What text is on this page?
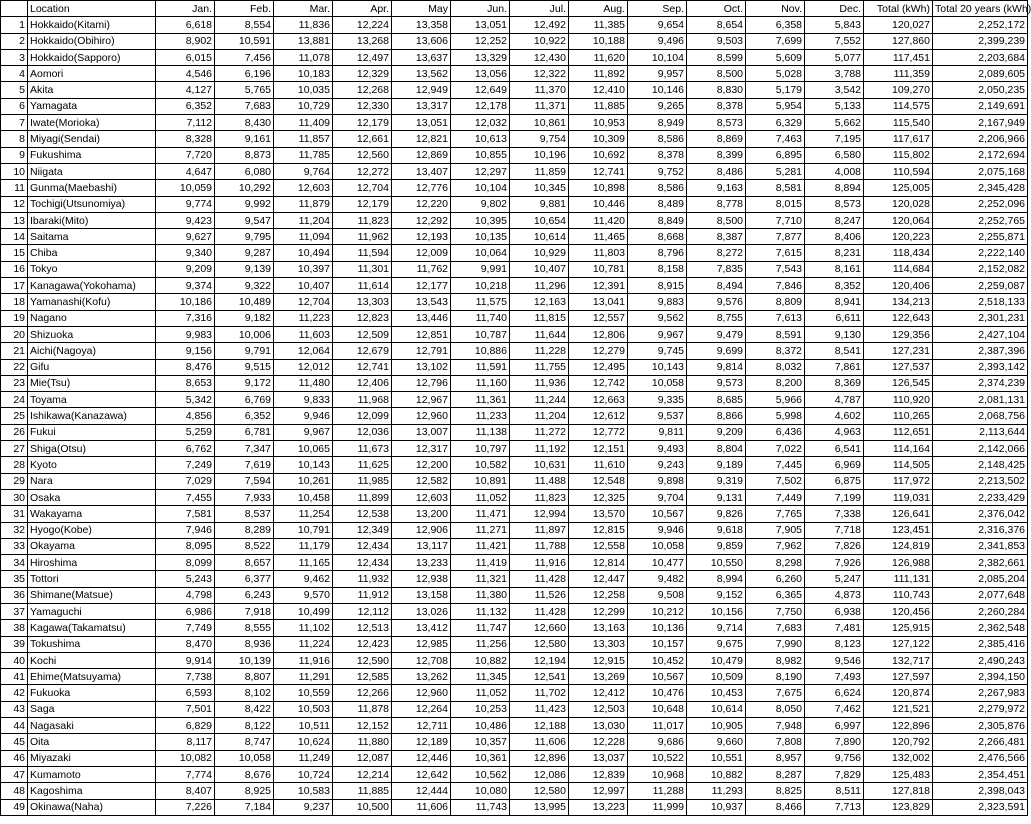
	Location	Jan.	Feb.	Mar.	Apr.	May	Jun.	Jul.	Aug.	Sep.	Oct.	Nov.	Dec.	Total (kWh)	Total 20 years (kWh)
1	Hokkaido(Kitami)	6,618	8,554	11,836	12,224	13,358	13,051	12,492	11,385	9,654	8,654	6,358	5,843	120,027	2,252,172
2	Hokkaido(Obihiro)	8,902	10,591	13,881	13,268	13,606	12,252	10,922	10,188	9,496	9,503	7,699	7,552	127,860	2,399,239
3	Hokkaido(Sapporo)	6,015	7,456	11,078	12,497	13,637	13,329	12,430	11,620	10,104	8,599	5,609	5,077	117,451	2,203,684
4	Aomori	4,546	6,196	10,183	12,329	13,562	13,056	12,322	11,892	9,957	8,500	5,028	3,788	111,359	2,089,605
5	Akita	4,127	5,765	10,035	12,268	12,949	12,649	11,370	12,410	10,146	8,830	5,179	3,542	109,270	2,050,235
6	Yamagata	6,352	7,683	10,729	12,330	13,317	12,178	11,371	11,885	9,265	8,378	5,954	5,133	114,575	2,149,691
7	Iwate(Morioka)	7,112	8,430	11,409	12,179	13,051	12,032	10,861	10,953	8,949	8,573	6,329	5,662	115,540	2,167,949
8	Miyagi(Sendai)	8,328	9,161	11,857	12,661	12,821	10,613	9,754	10,309	8,586	8,869	7,463	7,195	117,617	2,206,966
9	Fukushima	7,720	8,873	11,785	12,560	12,869	10,855	10,196	10,692	8,378	8,399	6,895	6,580	115,802	2,172,694
10	Niigata	4,647	6,080	9,764	12,272	13,407	12,297	11,859	12,741	9,752	8,486	5,281	4,008	110,594	2,075,168
11	Gunma(Maebashi)	10,059	10,292	12,603	12,704	12,776	10,104	10,345	10,898	8,586	9,163	8,581	8,894	125,005	2,345,428
12	Tochigi(Utsunomiya)	9,774	9,992	11,879	12,179	12,220	9,802	9,881	10,446	8,489	8,778	8,015	8,573	120,028	2,252,096
13	Ibaraki(Mito)	9,423	9,547	11,204	11,823	12,292	10,395	10,654	11,420	8,849	8,500	7,710	8,247	120,064	2,252,765
14	Saitama	9,627	9,795	11,094	11,962	12,193	10,135	10,614	11,465	8,668	8,387	7,877	8,406	120,223	2,255,871
15	Chiba	9,340	9,287	10,494	11,594	12,009	10,064	10,929	11,803	8,796	8,272	7,615	8,231	118,434	2,222,140
16	Tokyo	9,209	9,139	10,397	11,301	11,762	9,991	10,407	10,781	8,158	7,835	7,543	8,161	114,684	2,152,082
17	Kanagawa(Yokohama)	9,374	9,322	10,407	11,614	12,177	10,218	11,296	12,391	8,915	8,494	7,846	8,352	120,406	2,259,087
18	Yamanashi(Kofu)	10,186	10,489	12,704	13,303	13,543	11,575	12,163	13,041	9,883	9,576	8,809	8,941	134,213	2,518,133
19	Nagano	7,316	9,182	11,223	12,823	13,446	11,740	11,815	12,557	9,562	8,755	7,613	6,611	122,643	2,301,231
20	Shizuoka	9,983	10,006	11,603	12,509	12,851	10,787	11,644	12,806	9,967	9,479	8,591	9,130	129,356	2,427,104
21	Aichi(Nagoya)	9,156	9,791	12,064	12,679	12,791	10,886	11,228	12,279	9,745	9,699	8,372	8,541	127,231	2,387,396
22	Gifu	8,476	9,515	12,012	12,741	13,102	11,591	11,755	12,495	10,143	9,814	8,032	7,861	127,537	2,393,142
23	Mie(Tsu)	8,653	9,172	11,480	12,406	12,796	11,160	11,936	12,742	10,058	9,573	8,200	8,369	126,545	2,374,239
24	Toyama	5,342	6,769	9,833	11,968	12,967	11,361	11,244	12,663	9,335	8,685	5,966	4,787	110,920	2,081,131
25	Ishikawa(Kanazawa)	4,856	6,352	9,946	12,099	12,960	11,233	11,204	12,612	9,537	8,866	5,998	4,602	110,265	2,068,756
26	Fukui	5,259	6,781	9,967	12,036	13,007	11,138	11,272	12,772	9,811	9,209	6,436	4,963	112,651	2,113,644
27	Shiga(Otsu)	6,762	7,347	10,065	11,673	12,317	10,797	11,192	12,151	9,493	8,804	7,022	6,541	114,164	2,142,066
28	Kyoto	7,249	7,619	10,143	11,625	12,200	10,582	10,631	11,610	9,243	9,189	7,445	6,969	114,505	2,148,425
29	Nara	7,029	7,594	10,261	11,985	12,582	10,891	11,488	12,548	9,898	9,319	7,502	6,875	117,972	2,213,502
30	Osaka	7,455	7,933	10,458	11,899	12,603	11,052	11,823	12,325	9,704	9,131	7,449	7,199	119,031	2,233,429
31	Wakayama	7,581	8,537	11,254	12,538	13,200	11,471	12,994	13,570	10,567	9,826	7,765	7,338	126,641	2,376,042
32	Hyogo(Kobe)	7,946	8,289	10,791	12,349	12,906	11,271	11,897	12,815	9,946	9,618	7,905	7,718	123,451	2,316,376
33	Okayama	8,095	8,522	11,179	12,434	13,117	11,421	11,788	12,558	10,058	9,859	7,962	7,826	124,819	2,341,853
34	Hiroshima	8,099	8,657	11,165	12,434	13,233	11,419	11,916	12,814	10,477	10,550	8,298	7,926	126,988	2,382,661
35	Tottori	5,243	6,377	9,462	11,932	12,938	11,321	11,428	12,447	9,482	8,994	6,260	5,247	111,131	2,085,204
36	Shimane(Matsue)	4,798	6,243	9,570	11,912	13,158	11,380	11,526	12,258	9,508	9,152	6,365	4,873	110,743	2,077,648
37	Yamaguchi	6,986	7,918	10,499	12,112	13,026	11,132	11,428	12,299	10,212	10,156	7,750	6,938	120,456	2,260,284
38	Kagawa(Takamatsu)	7,749	8,555	11,102	12,513	13,412	11,747	12,660	13,163	10,136	9,714	7,683	7,481	125,915	2,362,548
39	Tokushima	8,470	8,936	11,224	12,423	12,985	11,256	12,580	13,303	10,157	9,675	7,990	8,123	127,122	2,385,416
40	Kochi	9,914	10,139	11,916	12,590	12,708	10,882	12,194	12,915	10,452	10,479	8,982	9,546	132,717	2,490,243
41	Ehime(Matsuyama)	7,738	8,807	11,291	12,585	13,262	11,345	12,541	13,269	10,567	10,509	8,190	7,493	127,597	2,394,150
42	Fukuoka	6,593	8,102	10,559	12,266	12,960	11,052	11,702	12,412	10,476	10,453	7,675	6,624	120,874	2,267,983
43	Saga	7,501	8,422	10,503	11,878	12,264	10,253	11,423	12,503	10,648	10,614	8,050	7,462	121,521	2,279,972
44	Nagasaki	6,829	8,122	10,511	12,152	12,711	10,486	12,188	13,030	11,017	10,905	7,948	6,997	122,896	2,305,876
45	Oita	8,117	8,747	10,624	11,880	12,189	10,357	11,606	12,228	9,686	9,660	7,808	7,890	120,792	2,266,481
46	Miyazaki	10,082	10,058	11,249	12,087	12,446	10,361	12,896	13,037	10,522	10,551	8,957	9,756	132,002	2,476,566
47	Kumamoto	7,774	8,676	10,724	12,214	12,642	10,562	12,086	12,839	10,968	10,882	8,287	7,829	125,483	2,354,451
48	Kagoshima	8,407	8,925	10,583	11,885	12,444	10,080	12,580	12,997	11,288	11,293	8,825	8,511	127,818	2,398,043
49	Okinawa(Naha)	7,226	7,184	9,237	10,500	11,606	11,743	13,995	13,223	11,999	10,937	8,466	7,713	123,829	2,323,591
